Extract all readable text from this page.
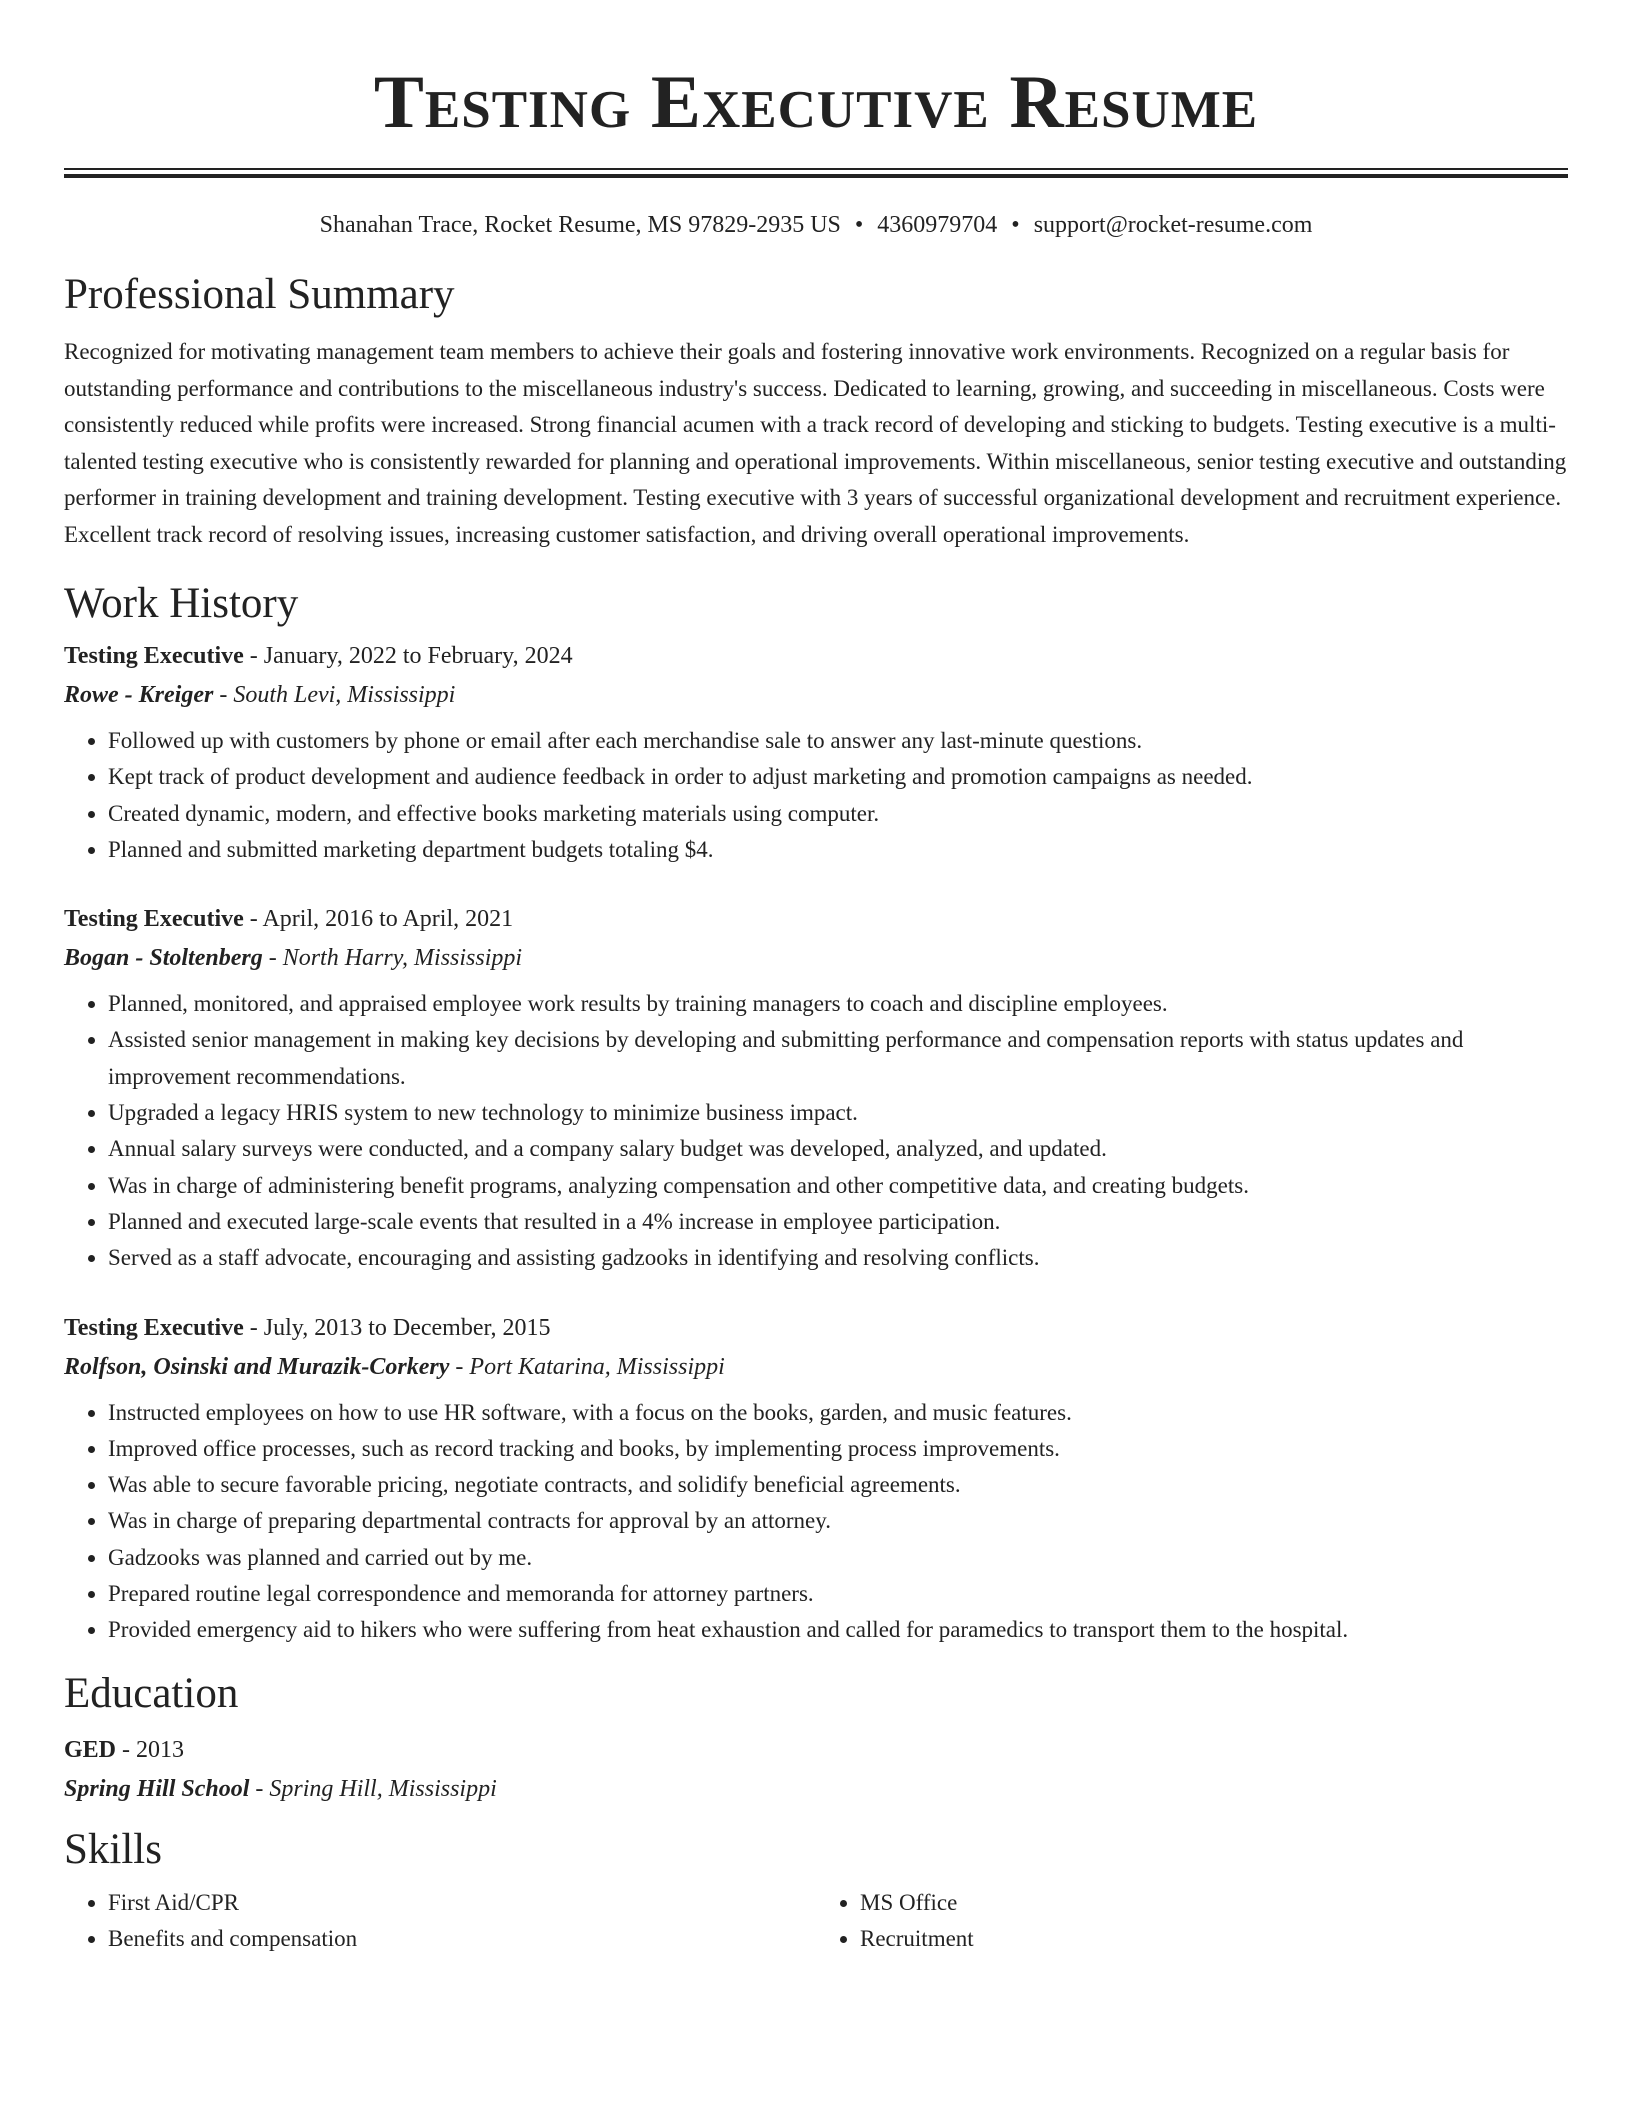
Testing Executive Resume
Shanahan Trace, Rocket Resume, MS 97829-2935 US • 4360979704 • support@rocket-resume.com
Professional Summary

Recognized for motivating management team members to achieve their goals and fostering innovative work environments. Recognized on a regular basis for outstanding performance and contributions to the miscellaneous industry's success. Dedicated to learning, growing, and succeeding in miscellaneous. Costs were consistently reduced while profits were increased. Strong financial acumen with a track record of developing and sticking to budgets. Testing executive is a multi-talented testing executive who is consistently rewarded for planning and operational improvements. Within miscellaneous, senior testing executive and outstanding performer in training development and training development. Testing executive with 3 years of successful organizational development and recruitment experience. Excellent track record of resolving issues, increasing customer satisfaction, and driving overall operational improvements.

Work History
Testing Executive - January, 2022 to February, 2024
Rowe - Kreiger - South Levi, Mississippi
• Followed up with customers by phone or email after each merchandise sale to answer any last-minute questions.
• Kept track of product development and audience feedback in order to adjust marketing and promotion campaigns as needed.
• Created dynamic, modern, and effective books marketing materials using computer.
• Planned and submitted marketing department budgets totaling $4.
Testing Executive - April, 2016 to April, 2021
Bogan - Stoltenberg - North Harry, Mississippi
• Planned, monitored, and appraised employee work results by training managers to coach and discipline employees.
• Assisted senior management in making key decisions by developing and submitting performance and compensation reports with status updates and improvement recommendations.
• Upgraded a legacy HRIS system to new technology to minimize business impact.
• Annual salary surveys were conducted, and a company salary budget was developed, analyzed, and updated.
• Was in charge of administering benefit programs, analyzing compensation and other competitive data, and creating budgets.
• Planned and executed large-scale events that resulted in a 4% increase in employee participation.
• Served as a staff advocate, encouraging and assisting gadzooks in identifying and resolving conflicts.
Testing Executive - July, 2013 to December, 2015
Rolfson, Osinski and Murazik-Corkery - Port Katarina, Mississippi
• Instructed employees on how to use HR software, with a focus on the books, garden, and music features.
• Improved office processes, such as record tracking and books, by implementing process improvements.
• Was able to secure favorable pricing, negotiate contracts, and solidify beneficial agreements.
• Was in charge of preparing departmental contracts for approval by an attorney.
• Gadzooks was planned and carried out by me.
• Prepared routine legal correspondence and memoranda for attorney partners.
• Provided emergency aid to hikers who were suffering from heat exhaustion and called for paramedics to transport them to the hospital.
Education
GED - 2013
Spring Hill School - Spring Hill, Mississippi
Skills
• First Aid/CPR
• Benefits and compensation
• MS Office
• Recruitment
